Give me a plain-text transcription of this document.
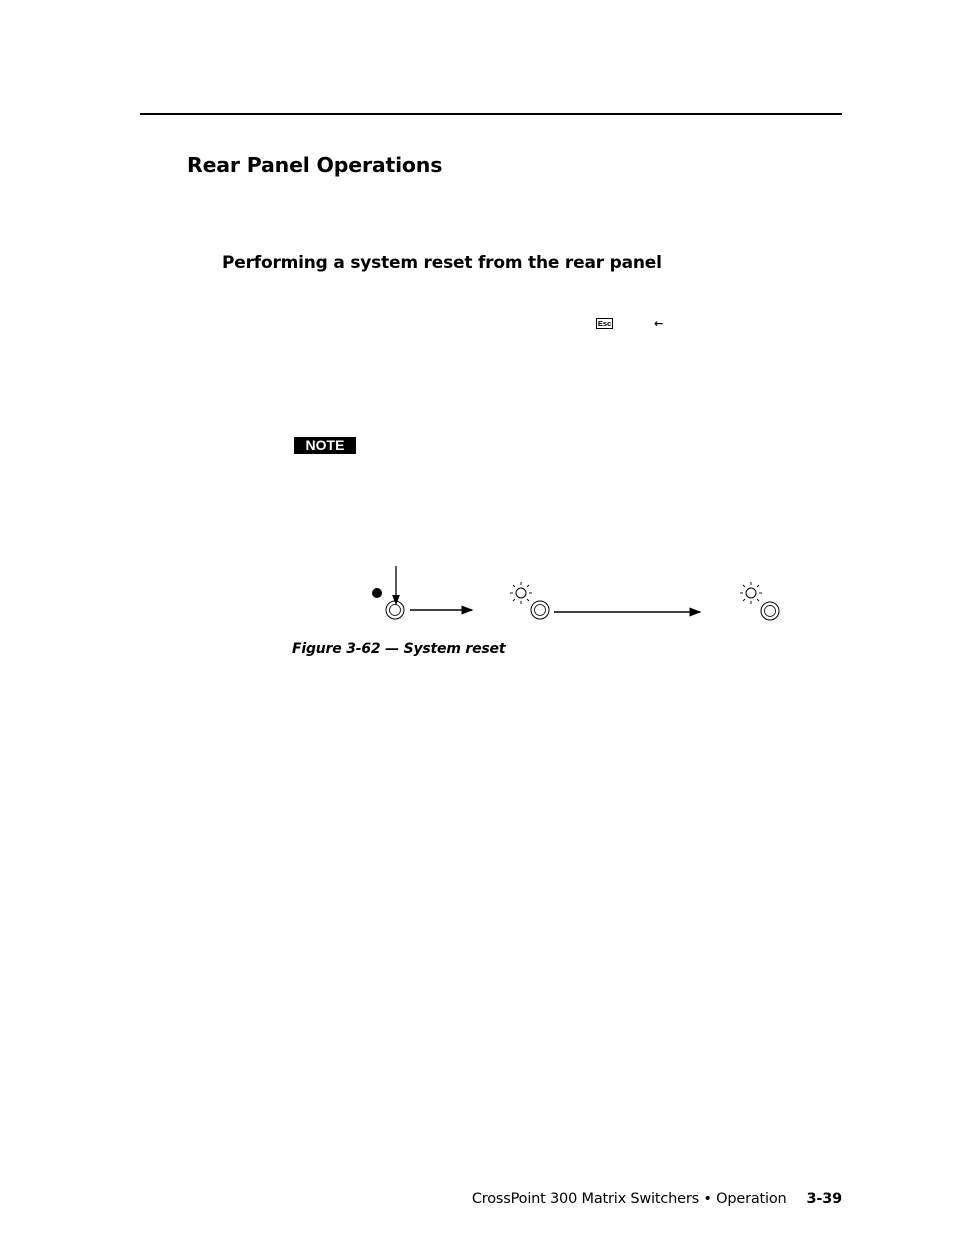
Rear Panel Operations
Performing a system reset from the rear panel
Esc	←
NOTE
Figure 3-62 — System reset
CrossPoint 300 Matrix Switchers • Operation 3-39
